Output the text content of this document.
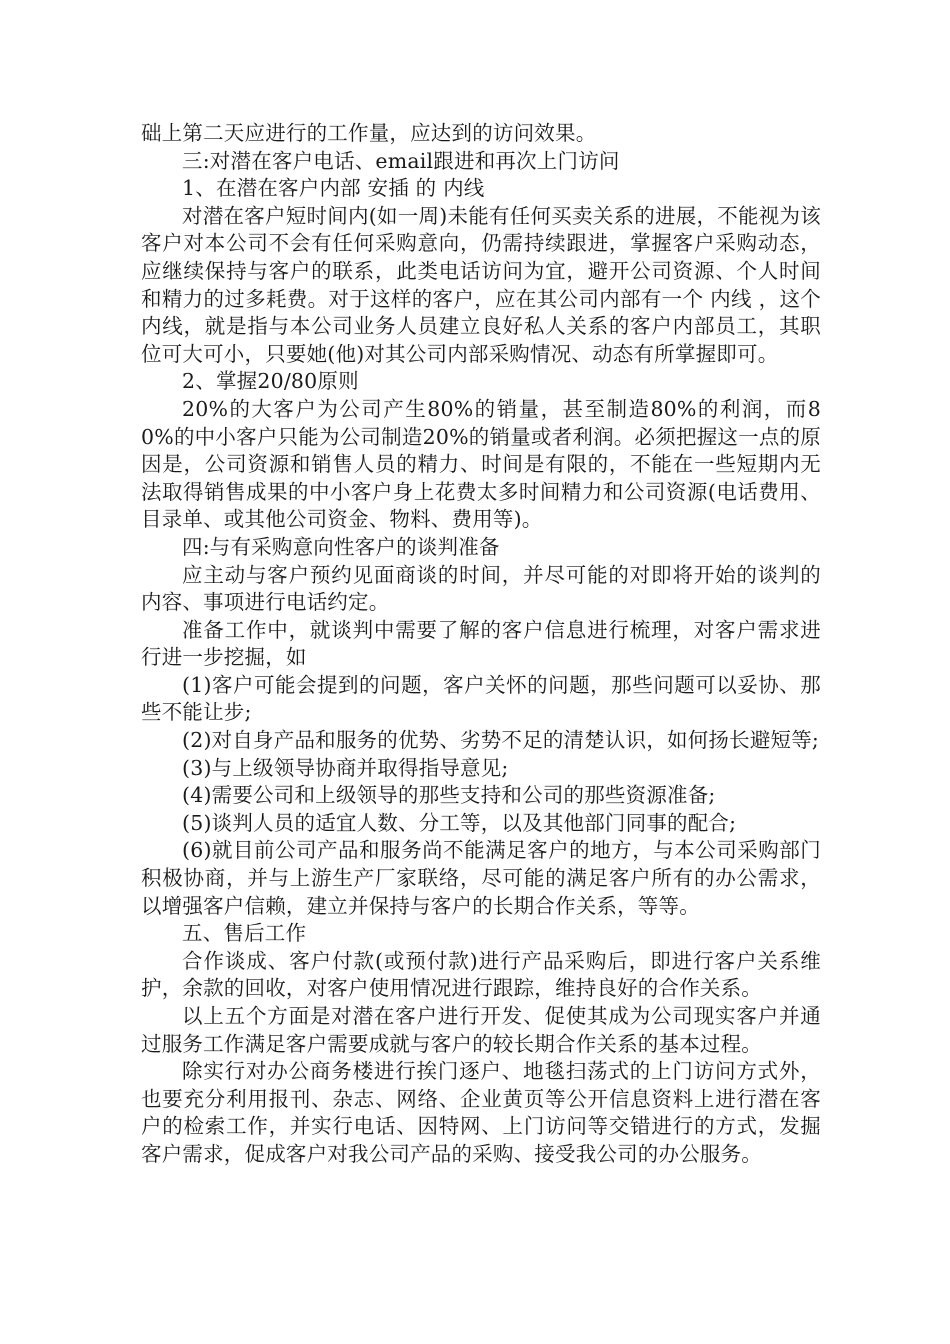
础上第二天应进行的工作量，应达到的访问效果。

三:对潜在客户电话、email跟进和再次上门访问

1、在潜在客户内部 安插 的 内线

对潜在客户短时间内(如一周)未能有任何买卖关系的进展，不能视为该客户对本公司不会有任何采购意向，仍需持续跟进，掌握客户采购动态，应继续保持与客户的联系，此类电话访问为宜，避开公司资源、个人时间和精力的过多耗费。对于这样的客户，应在其公司内部有一个 内线 ，这个内线，就是指与本公司业务人员建立良好私人关系的客户内部员工，其职位可大可小，只要她(他)对其公司内部采购情况、动态有所掌握即可。

2、掌握20/80原则

20%的大客户为公司产生80%的销量，甚至制造80%的利润，而80%的中小客户只能为公司制造20%的销量或者利润。必须把握这一点的原因是，公司资源和销售人员的精力、时间是有限的，不能在一些短期内无法取得销售成果的中小客户身上花费太多时间精力和公司资源(电话费用、目录单、或其他公司资金、物料、费用等)。

四:与有采购意向性客户的谈判准备

应主动与客户预约见面商谈的时间，并尽可能的对即将开始的谈判的内容、事项进行电话约定。

准备工作中，就谈判中需要了解的客户信息进行梳理，对客户需求进行进一步挖掘，如

(1)客户可能会提到的问题，客户关怀的问题，那些问题可以妥协、那些不能让步;

(2)对自身产品和服务的优势、劣势不足的清楚认识，如何扬长避短等;

(3)与上级领导协商并取得指导意见;

(4)需要公司和上级领导的那些支持和公司的那些资源准备;

(5)谈判人员的适宜人数、分工等，以及其他部门同事的配合;

(6)就目前公司产品和服务尚不能满足客户的地方，与本公司采购部门积极协商，并与上游生产厂家联络，尽可能的满足客户所有的办公需求，以增强客户信赖，建立并保持与客户的长期合作关系，等等。

五、售后工作

合作谈成、客户付款(或预付款)进行产品采购后，即进行客户关系维护，余款的回收，对客户使用情况进行跟踪，维持良好的合作关系。

以上五个方面是对潜在客户进行开发、促使其成为公司现实客户并通过服务工作满足客户需要成就与客户的较长期合作关系的基本过程。

除实行对办公商务楼进行挨门逐户、地毯扫荡式的上门访问方式外，也要充分利用报刊、杂志、网络、企业黄页等公开信息资料上进行潜在客户的检索工作，并实行电话、因特网、上门访问等交错进行的方式，发掘客户需求，促成客户对我公司产品的采购、接受我公司的办公服务。
